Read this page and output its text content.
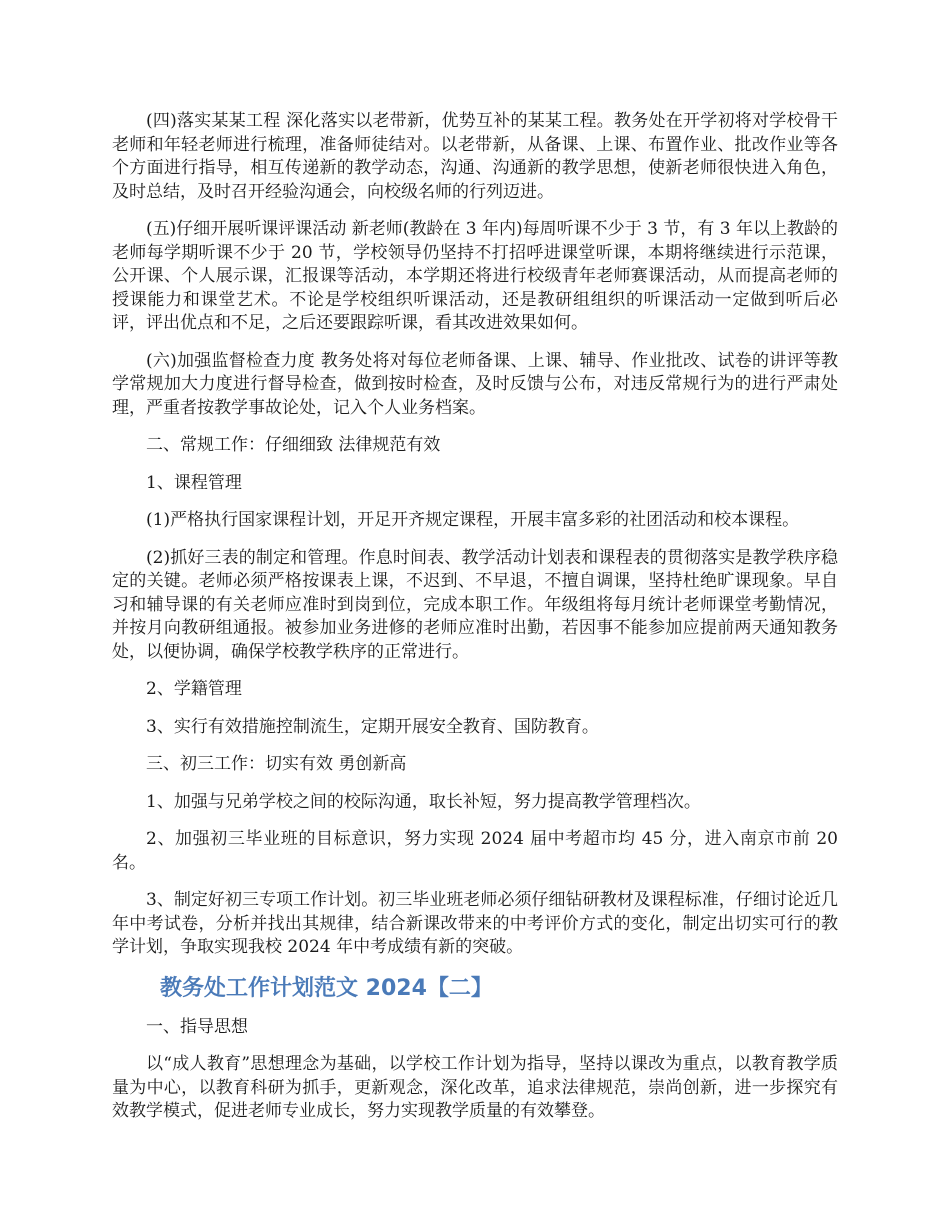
(四)落实某某工程 深化落实以老带新，优势互补的某某工程。教务处在开学初将对学校骨干老师和年轻老师进行梳理，准备师徒结对。以老带新，从备课、上课、布置作业、批改作业等各个方面进行指导，相互传递新的教学动态，沟通、沟通新的教学思想，使新老师很快进入角色，及时总结，及时召开经验沟通会，向校级名师的行列迈进。

(五)仔细开展听课评课活动 新老师(教龄在 3 年内)每周听课不少于 3 节，有 3 年以上教龄的老师每学期听课不少于 20 节，学校领导仍坚持不打招呼进课堂听课，本期将继续进行示范课，公开课、个人展示课，汇报课等活动，本学期还将进行校级青年老师赛课活动，从而提高老师的授课能力和课堂艺术。不论是学校组织听课活动，还是教研组组织的听课活动一定做到听后必评，评出优点和不足，之后还要跟踪听课，看其改进效果如何。

(六)加强监督检查力度 教务处将对每位老师备课、上课、辅导、作业批改、试卷的讲评等教学常规加大力度进行督导检查，做到按时检查，及时反馈与公布，对违反常规行为的进行严肃处理，严重者按教学事故论处，记入个人业务档案。

二、常规工作：仔细细致 法律规范有效

1、课程管理

(1)严格执行国家课程计划，开足开齐规定课程，开展丰富多彩的社团活动和校本课程。

(2)抓好三表的制定和管理。作息时间表、教学活动计划表和课程表的贯彻落实是教学秩序稳定的关键。老师必须严格按课表上课，不迟到、不早退，不擅自调课，坚持杜绝旷课现象。早自习和辅导课的有关老师应准时到岗到位，完成本职工作。年级组将每月统计老师课堂考勤情况，并按月向教研组通报。被参加业务进修的老师应准时出勤，若因事不能参加应提前两天通知教务处，以便协调，确保学校教学秩序的正常进行。

2、学籍管理

3、实行有效措施控制流生，定期开展安全教育、国防教育。

三、初三工作：切实有效 勇创新高

1、加强与兄弟学校之间的校际沟通，取长补短，努力提高教学管理档次。

2、加强初三毕业班的目标意识，努力实现 2024 届中考超市均 45 分，进入南京市前 20 名。

3、制定好初三专项工作计划。初三毕业班老师必须仔细钻研教材及课程标准，仔细讨论近几年中考试卷，分析并找出其规律，结合新课改带来的中考评价方式的变化，制定出切实可行的教学计划，争取实现我校 2024 年中考成绩有新的突破。

教务处工作计划范文 2024【二】

一、指导思想

以“成人教育”思想理念为基础，以学校工作计划为指导，坚持以课改为重点，以教育教学质量为中心，以教育科研为抓手，更新观念，深化改革，追求法律规范，崇尚创新，进一步探究有效教学模式，促进老师专业成长，努力实现教学质量的有效攀登。
